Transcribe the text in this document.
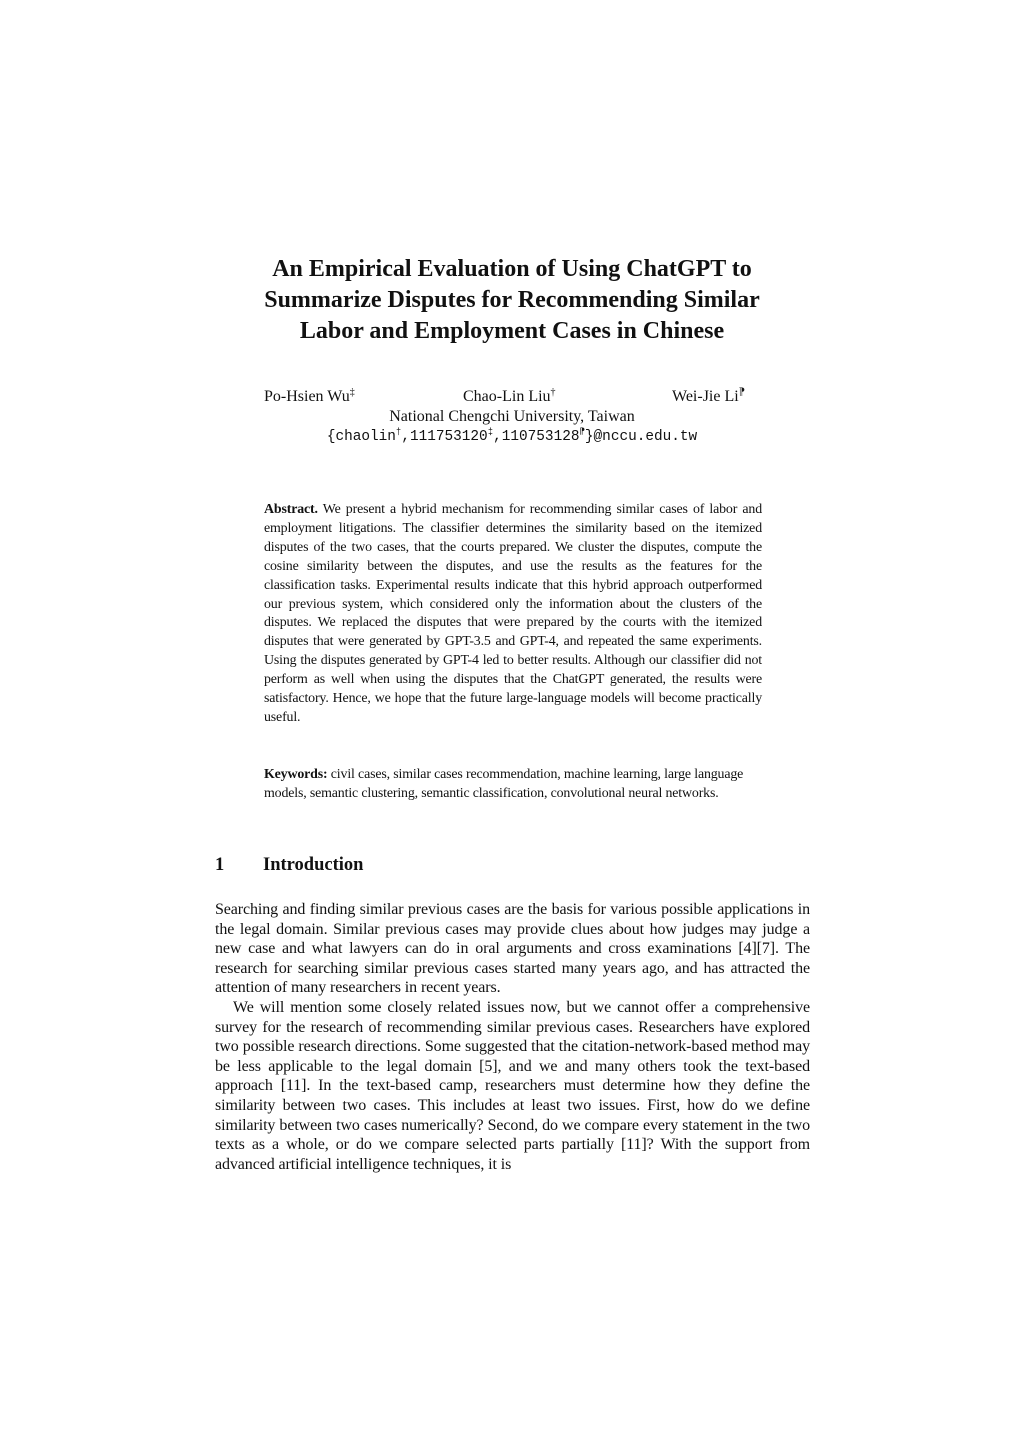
An Empirical Evaluation of Using ChatGPT to
Summarize Disputes for Recommending Similar
Labor and Employment Cases in Chinese
Po-Hsien Wu‡	Chao-Lin Liu†	Wei-Jie Li⁋
National Chengchi University, Taiwan
{chaolin†,111753120‡,110753128⁋}@nccu.edu.tw
Abstract. We present a hybrid mechanism for recommending similar cases of labor and employment litigations. The classifier determines the similarity based on the itemized disputes of the two cases, that the courts prepared. We cluster the disputes, compute the cosine similarity between the disputes, and use the results as the features for the classification tasks. Experimental results indicate that this hybrid approach outperformed our previous system, which considered only the information about the clusters of the disputes. We replaced the disputes that were prepared by the courts with the itemized disputes that were generated by GPT-3.5 and GPT-4, and repeated the same experiments. Using the disputes generated by GPT-4 led to better results. Although our classifier did not perform as well when using the disputes that the ChatGPT generated, the results were satisfactory. Hence, we hope that the future large-language models will become practically useful.
Keywords: civil cases, similar cases recommendation, machine learning, large language models, semantic clustering, semantic classification, convolutional neural networks.
1 Introduction

Searching and finding similar previous cases are the basis for various possible applications in the legal domain. Similar previous cases may provide clues about how judges may judge a new case and what lawyers can do in oral arguments and cross examinations [4][7]. The research for searching similar previous cases started many years ago, and has attracted the attention of many researchers in recent years.

We will mention some closely related issues now, but we cannot offer a comprehensive survey for the research of recommending similar previous cases. Researchers have explored two possible research directions. Some suggested that the citation-network-based method may be less applicable to the legal domain [5], and we and many others took the text-based approach [11]. In the text-based camp, researchers must determine how they define the similarity between two cases. This includes at least two issues. First, how do we define similarity between two cases numerically? Second, do we compare every statement in the two texts as a whole, or do we compare selected parts partially [11]? With the support from advanced artificial intelligence techniques, it is
